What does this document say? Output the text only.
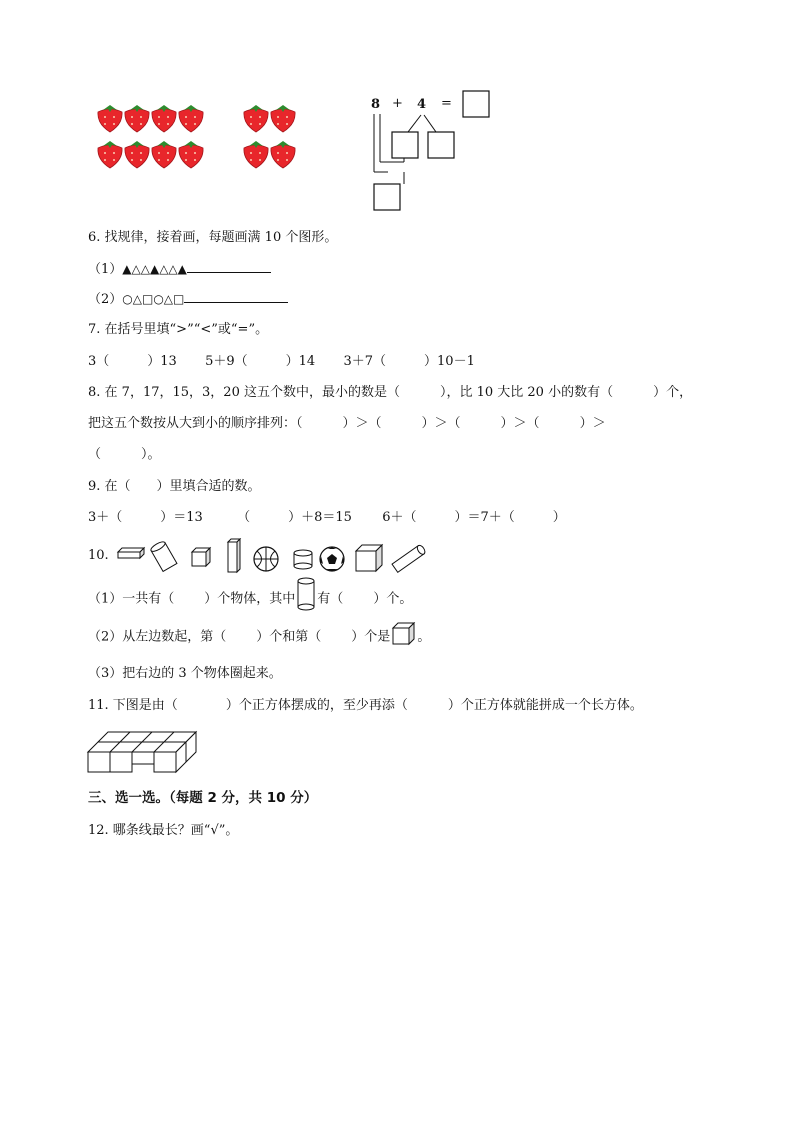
8 + 4 =
6. 找规律，接着画，每题画满 10 个图形。
（1）▲△△▲△△▲
（2）○△□○△□
7. 在括号里填“>”“<”或“=”。
3（	）13 5＋9（	）14 3＋7（	）10－1
8. 在 7，17，15，3，20 这五个数中，最小的数是（	），比 10 大比 20 小的数有（	）个，
把这五个数按从大到小的顺序排列：（	）＞（	）＞（	）＞（	）＞
（	）。
9. 在（　　）里填合适的数。
3＋（	）＝13	（	）＋8＝15 6＋（	）＝7＋（	）
10.
（1）一共有（ ）个物体，其中 有（ ）个。
（2）从左边数起，第（ ）个和第（ ）个是 。
（3）把右边的 3 个物体圈起来。
11. 下图是由（	）个正方体摆成的，至少再添（	）个正方体就能拼成一个长方体。
三、选一选。（每题 2 分，共 10 分）
12. 哪条线最长？画“√”。
